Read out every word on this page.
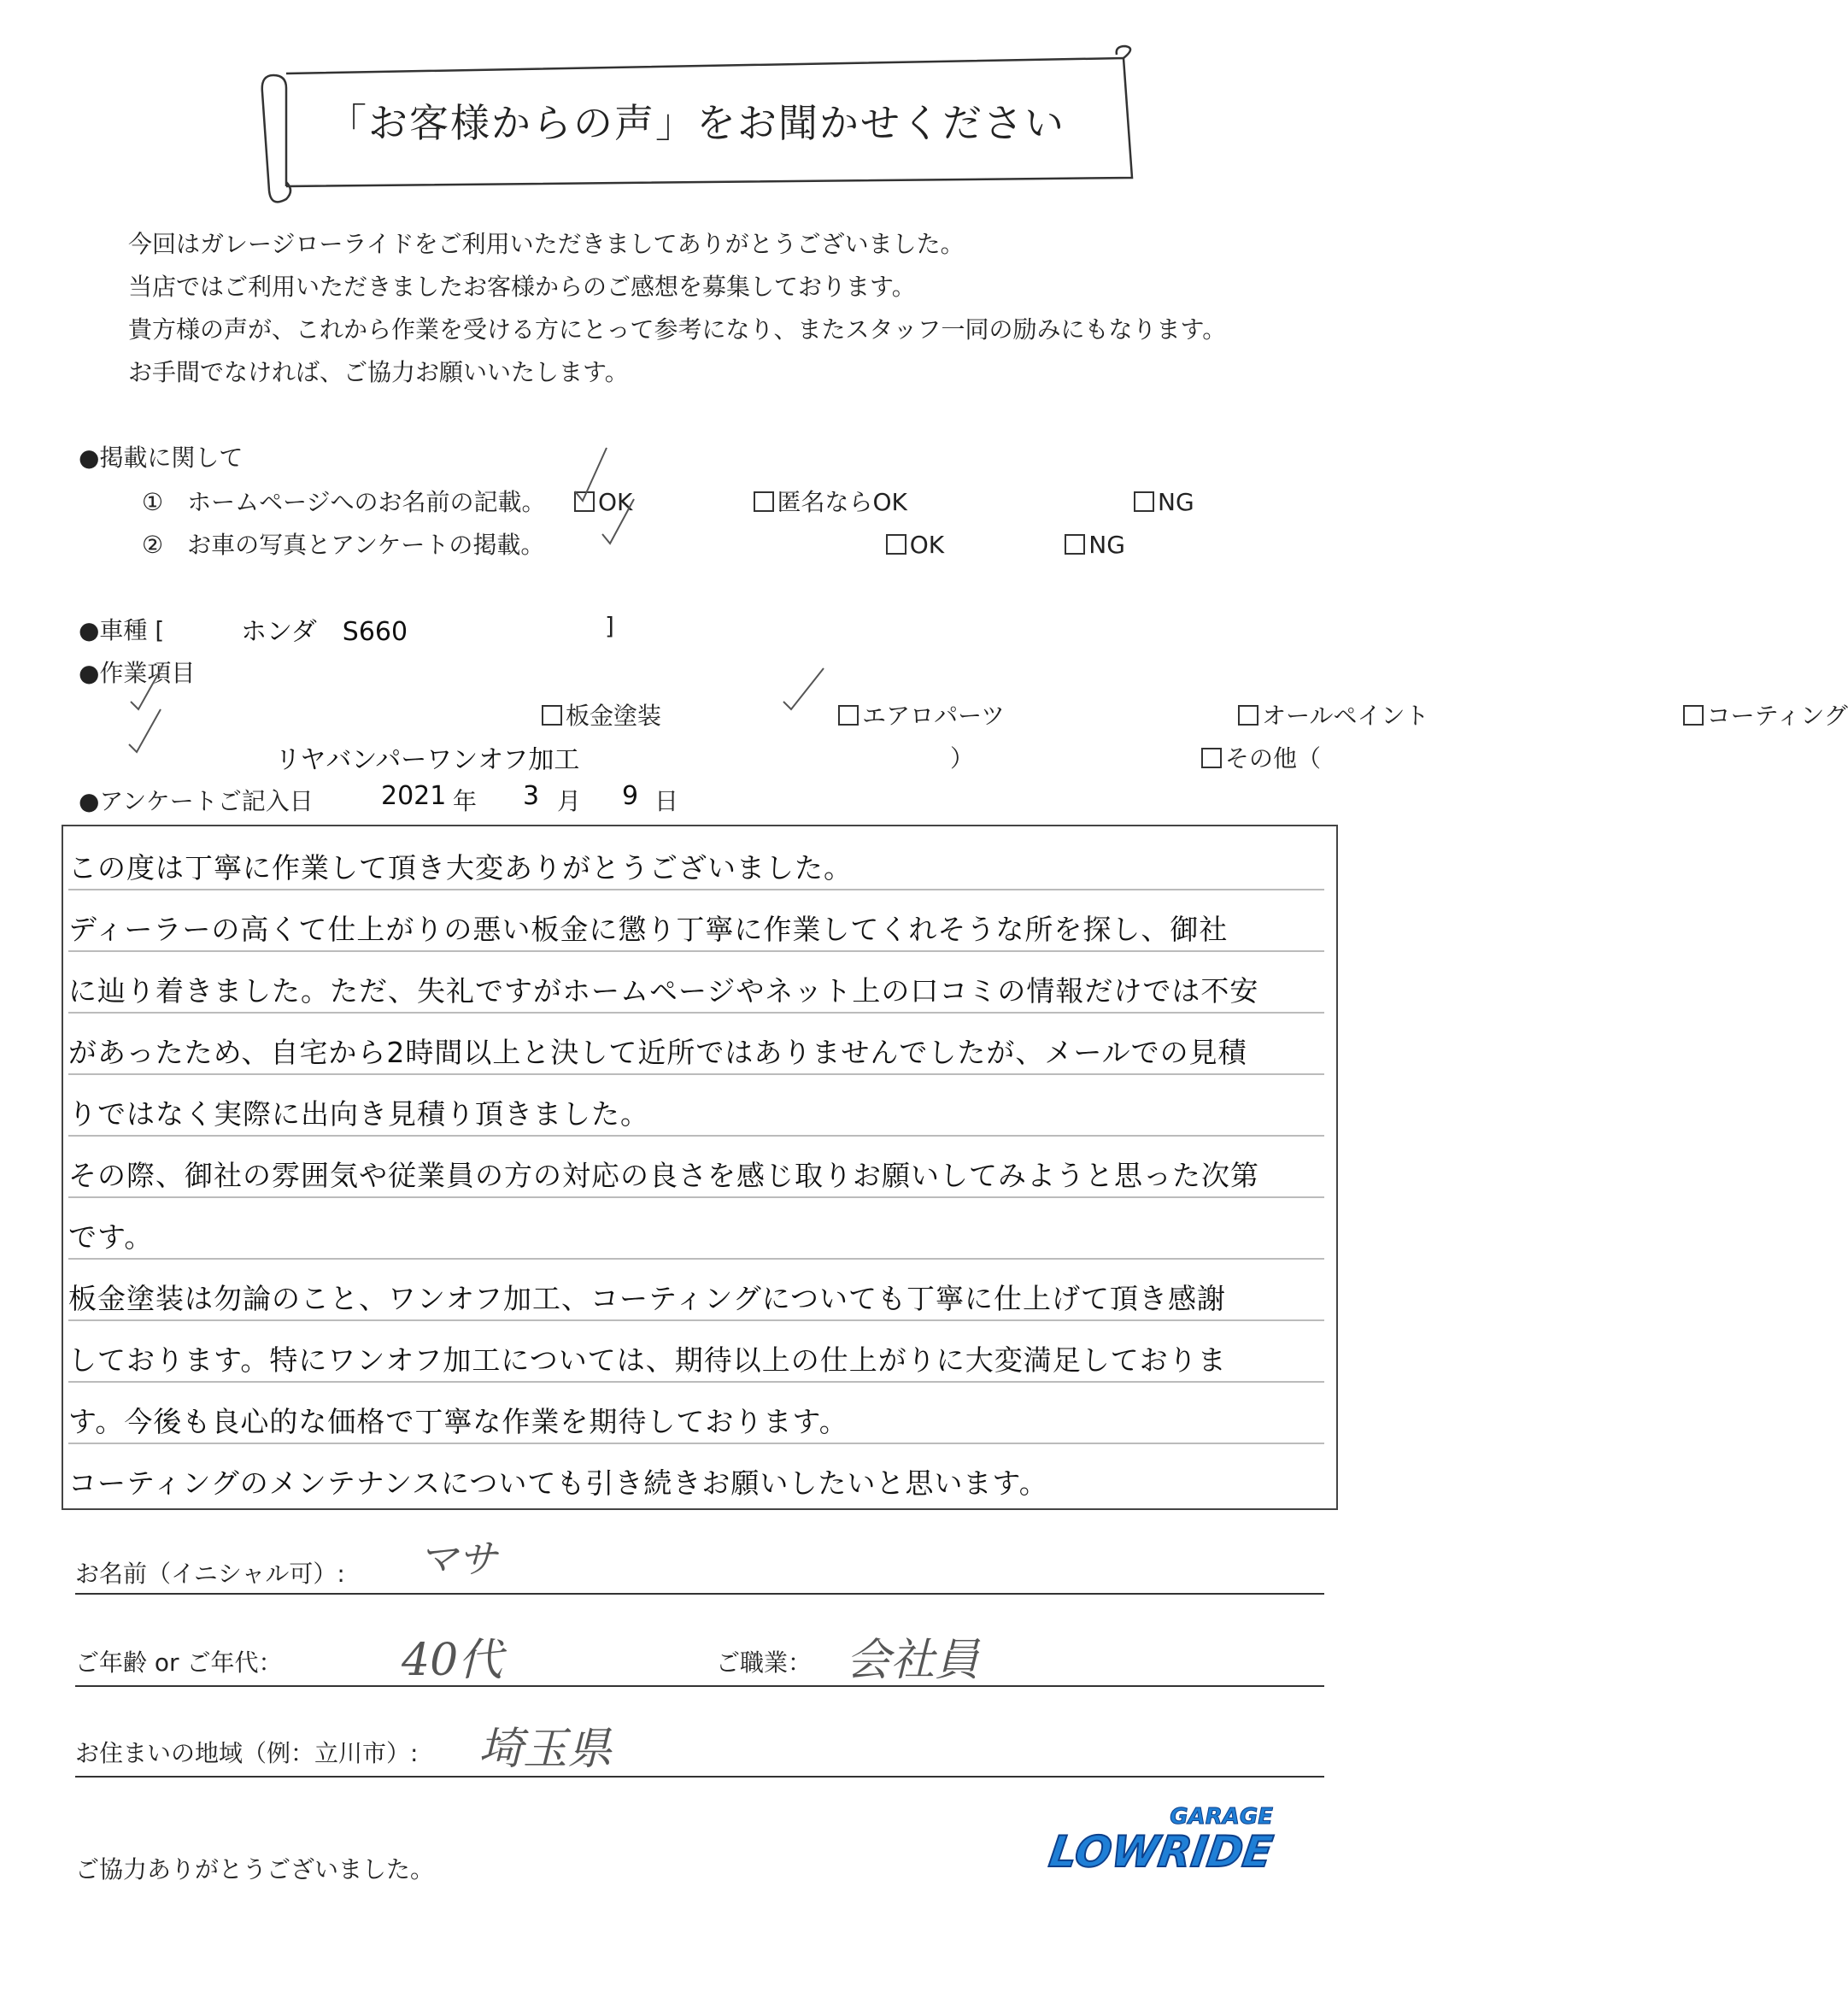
「お客様からの声」をお聞かせください
今回はガレージローライドをご利用いただきましてありがとうございました。
当店ではご利用いただきましたお客様からのご感想を募集しております。
貴方様の声が、これから作業を受ける方にとって参考になり、またスタッフ一同の励みにもなります。
お手間でなければ、ご協力お願いいたします。
●掲載に関して
①　ホームページへのお名前の記載。 OK	匿名ならOK	NG
②　お車の写真とアンケートの掲載。	OK	NG
●車種 [	ホンダ　S660	]
●作業項目
板金塗装	エアロパーツ	オールペイント	コーティング その他（
リヤバンパーワンオフ加工	）
●アンケートご記入日	2021 年 3 月 9 日
この度は丁寧に作業して頂き大変ありがとうございました。
ディーラーの高くて仕上がりの悪い板金に懲り丁寧に作業してくれそうな所を探し、御社
に辿り着きました。ただ、失礼ですがホームページやネット上の口コミの情報だけでは不安
があったため、自宅から2時間以上と決して近所ではありませんでしたが、メールでの見積
りではなく実際に出向き見積り頂きました。
その際、御社の雰囲気や従業員の方の対応の良さを感じ取りお願いしてみようと思った次第
です。
板金塗装は勿論のこと、ワンオフ加工、コーティングについても丁寧に仕上げて頂き感謝
しております。特にワンオフ加工については、期待以上の仕上がりに大変満足しておりま
す。今後も良心的な価格で丁寧な作業を期待しております。
コーティングのメンテナンスについても引き続きお願いしたいと思います。
お名前（イニシャル可）: マサ
ご年齢 or ご年代：	40代	ご職業： 会社員
お住まいの地域（例：立川市）: 埼玉県
ご協力ありがとうございました。
GARAGE
LOWRIDE
